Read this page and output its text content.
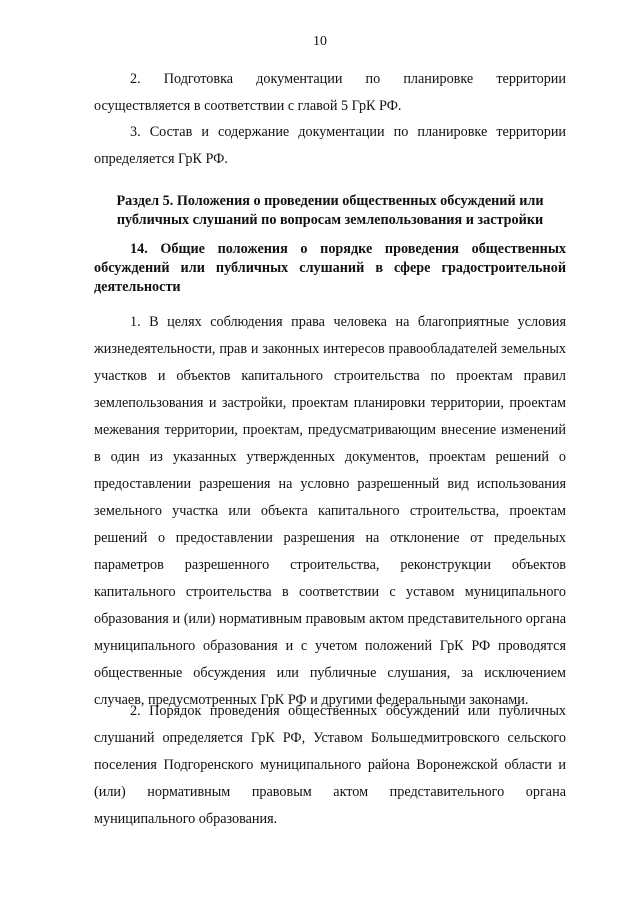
10
2. Подготовка документации по планировке территории
осуществляется в соответствии с главой 5 ГрК РФ.
3. Состав и содержание документации по планировке территории
определяется ГрК РФ.
Раздел 5. Положения о проведении общественных обсуждений или
публичных слушаний по вопросам землепользования и застройки
14. Общие положения о порядке проведения общественных
обсуждений или публичных слушаний в сфере градостроительной
деятельности
1. В целях соблюдения права человека на благоприятные условия
жизнедеятельности, прав и законных интересов правообладателей земельных
участков и объектов капитального строительства по проектам правил
землепользования и застройки, проектам планировки территории, проектам
межевания территории, проектам, предусматривающим внесение изменений
в один из указанных утвержденных документов, проектам решений о
предоставлении разрешения на условно разрешенный вид использования
земельного участка или объекта капитального строительства, проектам
решений о предоставлении разрешения на отклонение от предельных
параметров разрешенного строительства, реконструкции объектов
капитального строительства в соответствии с уставом муниципального
образования и (или) нормативным правовым актом представительного органа
муниципального образования и с учетом положений ГрК РФ проводятся
общественные обсуждения или публичные слушания, за исключением
случаев, предусмотренных ГрК РФ и другими федеральными законами.
2. Порядок проведения общественных обсуждений или публичных
слушаний определяется ГрК РФ, Уставом Большедмитровского сельского
поселения Подгоренского муниципального района Воронежской области и
(или) нормативным правовым актом представительного органа
муниципального образования.
